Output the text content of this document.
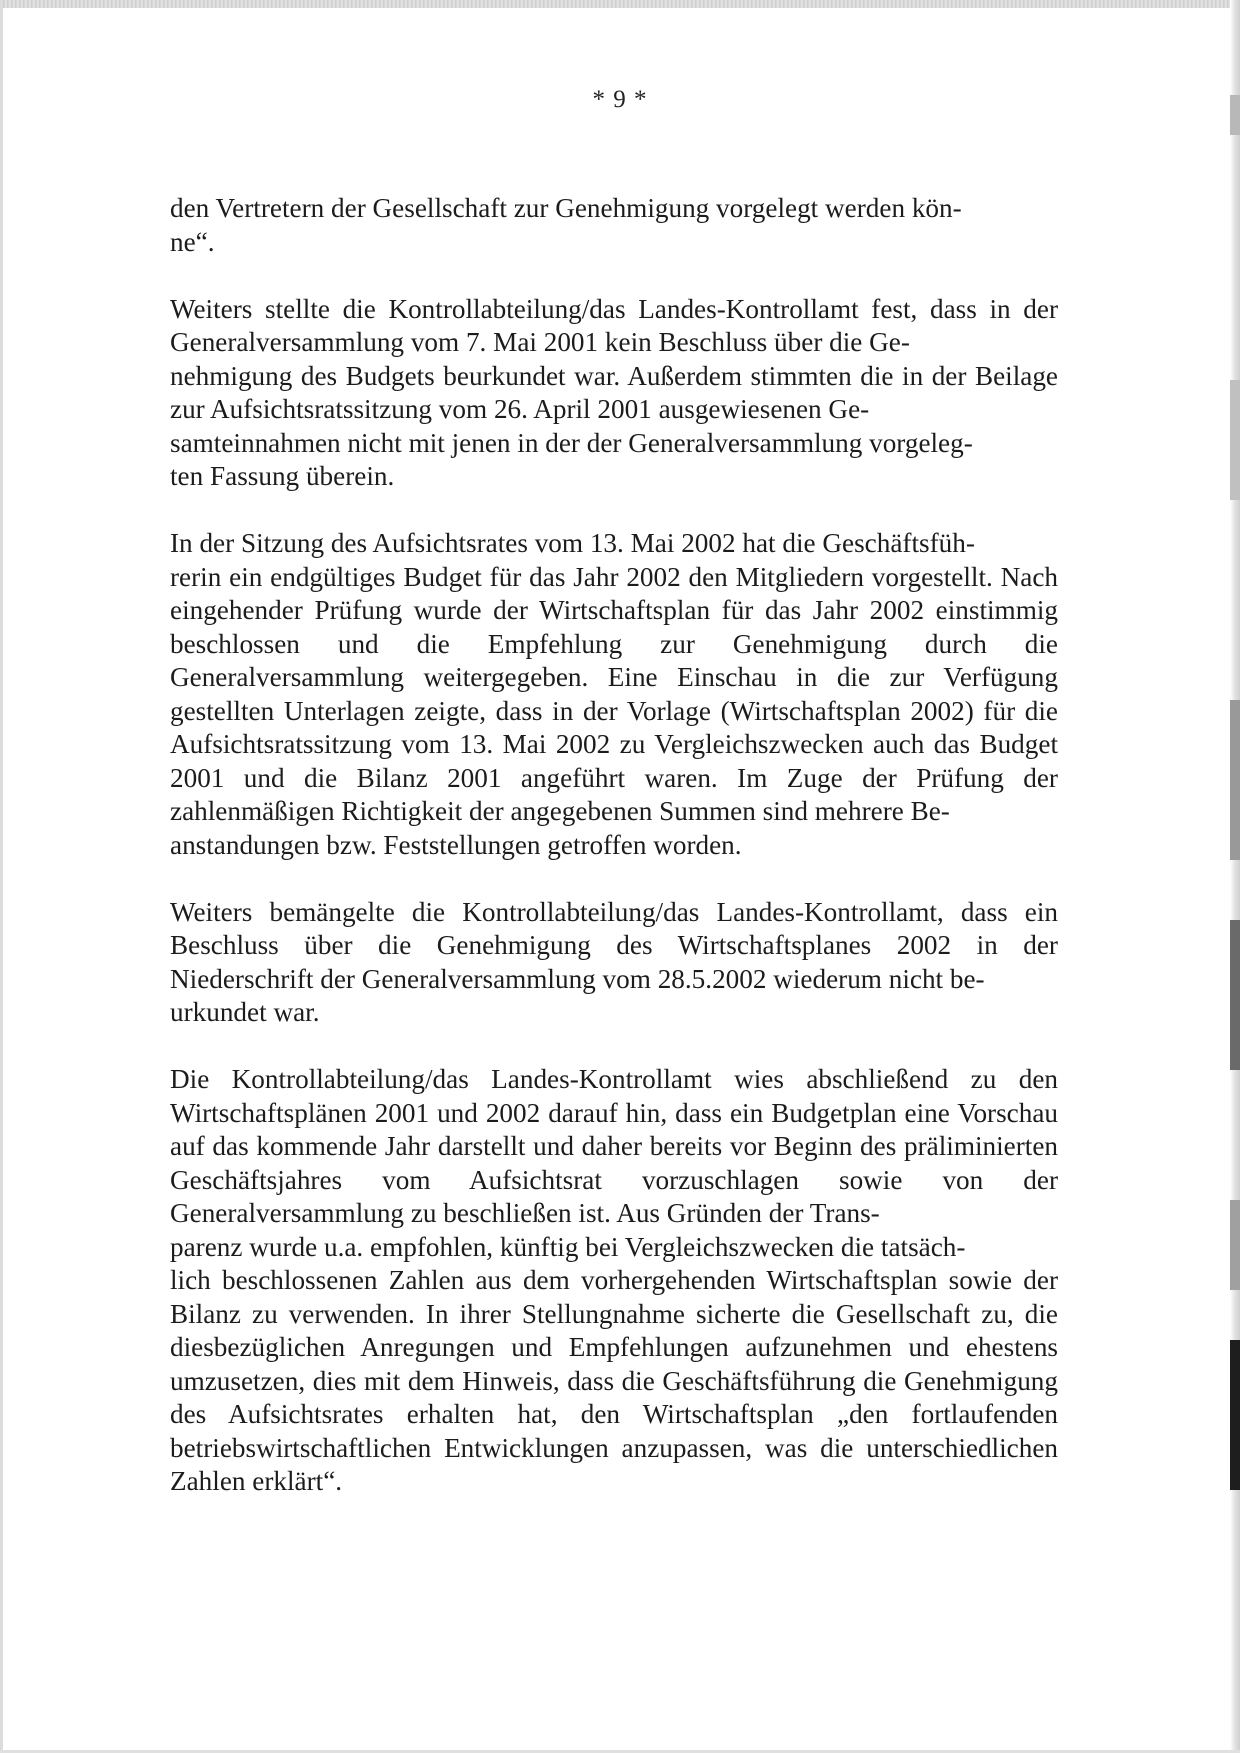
* 9 *

den Vertretern der Gesellschaft zur Genehmigung vorgelegt werden kön-
ne“.

Weiters stellte die Kontrollabteilung/das Landes-Kontrollamt fest, dass in der Generalversammlung vom 7. Mai 2001 kein Beschluss über die Ge-
nehmigung des Budgets beurkundet war. Außerdem stimmten die in der Beilage zur Aufsichtsratssitzung vom 26. April 2001 ausgewiesenen Ge-
samteinnahmen nicht mit jenen in der der Generalversammlung vorgeleg-
ten Fassung überein.

In der Sitzung des Aufsichtsrates vom 13. Mai 2002 hat die Geschäftsfüh-
rerin ein endgültiges Budget für das Jahr 2002 den Mitgliedern vorgestellt. Nach eingehender Prüfung wurde der Wirtschaftsplan für das Jahr 2002 einstimmig beschlossen und die Empfehlung zur Genehmigung durch die Generalversammlung weitergegeben. Eine Einschau in die zur Verfügung gestellten Unterlagen zeigte, dass in der Vorlage (Wirtschaftsplan 2002) für die Aufsichtsratssitzung vom 13. Mai 2002 zu Vergleichszwecken auch das Budget 2001 und die Bilanz 2001 angeführt waren. Im Zuge der Prüfung der zahlenmäßigen Richtigkeit der angegebenen Summen sind mehrere Be-
anstandungen bzw. Feststellungen getroffen worden.

Weiters bemängelte die Kontrollabteilung/das Landes-Kontrollamt, dass ein Beschluss über die Genehmigung des Wirtschaftsplanes 2002 in der Niederschrift der Generalversammlung vom 28.5.2002 wiederum nicht be-
urkundet war.

Die Kontrollabteilung/das Landes-Kontrollamt wies abschließend zu den Wirtschaftsplänen 2001 und 2002 darauf hin, dass ein Budgetplan eine Vorschau auf das kommende Jahr darstellt und daher bereits vor Beginn des präliminierten Geschäftsjahres vom Aufsichtsrat vorzuschlagen sowie von der Generalversammlung zu beschließen ist. Aus Gründen der Trans-
parenz wurde u.a. empfohlen, künftig bei Vergleichszwecken die tatsäch-
lich beschlossenen Zahlen aus dem vorhergehenden Wirtschaftsplan sowie der Bilanz zu verwenden. In ihrer Stellungnahme sicherte die Gesellschaft zu, die diesbezüglichen Anregungen und Empfehlungen aufzunehmen und ehestens umzusetzen, dies mit dem Hinweis, dass die Geschäftsführung die Genehmigung des Aufsichtsrates erhalten hat, den Wirtschaftsplan „den fortlaufenden betriebswirtschaftlichen Entwicklungen anzupassen, was die unterschiedlichen Zahlen erklärt“.
